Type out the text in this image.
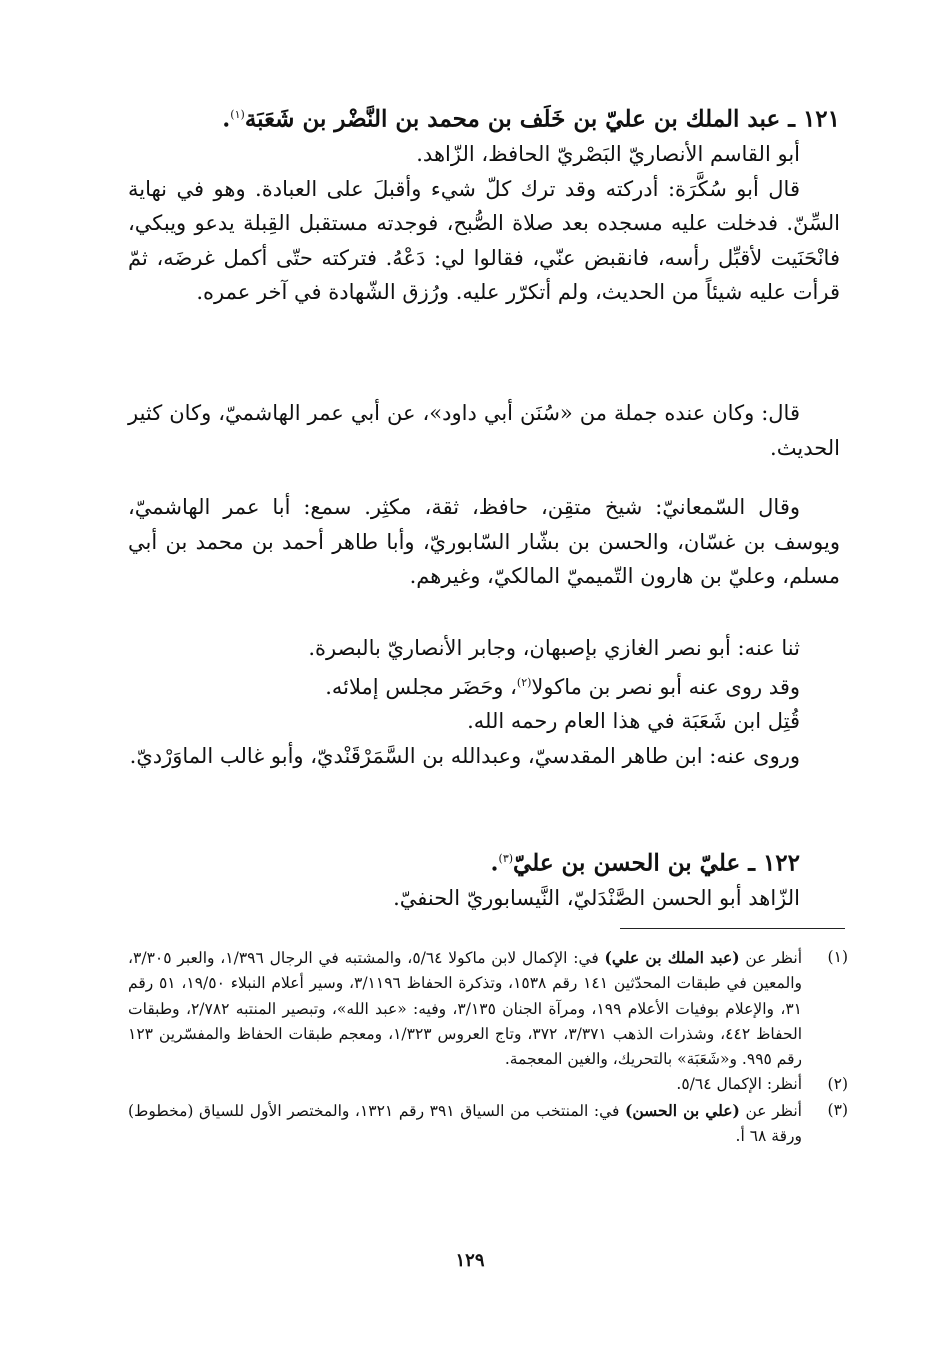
١٢١ ـ عبد الملك بن عليّ بن خَلَف بن محمد بن النَّضْر بن شَعَبَة$^{(١)}$.

أبو القاسم الأنصاريّ البَصْريّ الحافظ، الزّاهد.

قال أبو سُكَّرَة: أدركته وقد ترك كلّ شيء وأقبلَ على العبادة. وهو في نهاية السِّنّ. فدخلت عليه مسجده بعد صلاة الصُّبح، فوجدته مستقبل القِبلة يدعو ويبكي، فانْحَنَيت لأقبِّل رأسه، فانقبض عنّي، فقالوا لي: دَعْهُ. فتركته حتّى أكمل غرضَه، ثمّ قرأت عليه شيئاً من الحديث، ولم أتكرّر عليه. ورُزق الشّهادة في آخر عمره.

قال: وكان عنده جملة من «سُنَن أبي داود»، عن أبي عمر الهاشميّ، وكان كثير الحديث.

وقال السّمعانيّ: شيخ متقِن، حافظ، ثقة، مكثِر. سمع: أبا عمر الهاشميّ، ويوسف بن غسّان، والحسن بن بشّار السّابوريّ، وأبا طاهر أحمد بن محمد بن أبي مسلم، وعليّ بن هارون التّميميّ المالكيّ، وغيرهم.

ثنا عنه: أبو نصر الغازي بإصبهان، وجابر الأنصاريّ بالبصرة.

وقد روى عنه أبو نصر بن ماكولا$^{(٢)}$، وحَضَر مجلس إملائه.

قُتِل ابن شَعَبَة في هذا العام رحمه الله.

وروى عنه: ابن طاهر المقدسيّ، وعبدالله بن السَّمَرْقَنْديّ، وأبو غالب الماوَرْديّ.

١٢٢ ـ عليّ بن الحسن بن عليّ$^{(٣)}$.

الزّاهد أبو الحسن الصَّنْدَليّ، النَّيسابوريّ الحنفيّ.

(١)
أنظر عن (عبد الملك بن علي) في: الإكمال لابن ماكولا ٥/٦٤، والمشتبه في الرجال ١/٣٩٦، والعبر ٣/٣٠٥، والمعين في طبقات المحدّثين ١٤١ رقم ١٥٣٨، وتذكرة الحفاظ ٣/١١٩٦، وسير أعلام النبلاء ١٩/٥٠، ٥١ رقم ٣١، والإعلام بوفيات الأعلام ١٩٩، ومرآة الجنان ٣/١٣٥، وفيه: «عبد الله»، وتبصير المنتبه ٢/٧٨٢، وطبقات الحفاظ ٤٤٢، وشذرات الذهب ٣/٣٧١، ٣٧٢، وتاج العروس ١/٣٢٣، ومعجم طبقات الحفاظ والمفسّرين ١٢٣ رقم ٩٩٥. و«شَعَبَة» بالتحريك، والغين المعجمة.
(٢)
أنظر: الإكمال ٥/٦٤.
(٣)
أنظر عن (علي بن الحسن) في: المنتخب من السياق ٣٩١ رقم ١٣٢١، والمختصر الأول للسياق (مخطوط) ورقة ٦٨ أ.
١٢٩
